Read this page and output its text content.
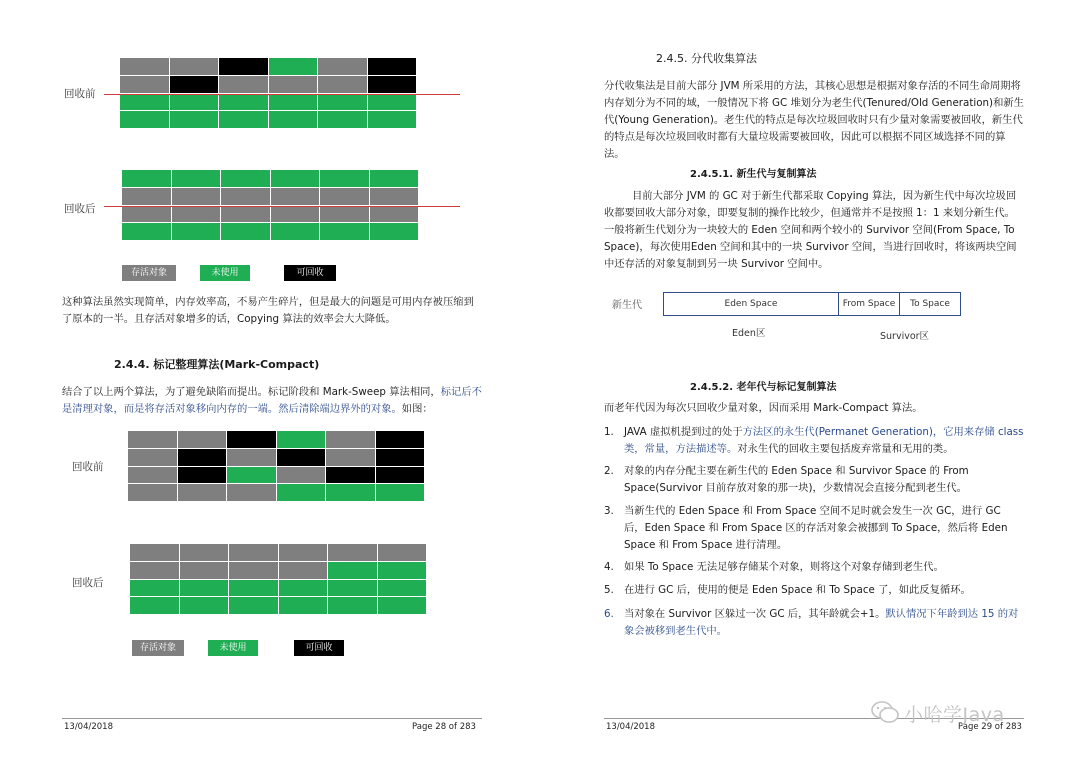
回收前
回收后
存活对象	未使用	可回收

这种算法虽然实现简单，内存效率高，不易产生碎片，但是最大的问题是可用内存被压缩到了原本的一半。且存活对象增多的话，Copying 算法的效率会大大降低。

2.4.4. 标记整理算法(Mark-Compact)

结合了以上两个算法，为了避免缺陷而提出。标记阶段和 Mark-Sweep 算法相同，标记后不是清理对象，而是将存活对象移向内存的一端。然后清除端边界外的对象。如图：

回收前
回收后
存活对象	未使用	可回收
13/04/2018	Page 28 of 283
2.4.5. 分代收集算法

分代收集法是目前大部分 JVM 所采用的方法，其核心思想是根据对象存活的不同生命周期将内存划分为不同的域，一般情况下将 GC 堆划分为老生代(Tenured/Old Generation)和新生代(Young Generation)。老生代的特点是每次垃圾回收时只有少量对象需要被回收，新生代的特点是每次垃圾回收时都有大量垃圾需要被回收，因此可以根据不同区域选择不同的算法。

2.4.5.1. 新生代与复制算法

目前大部分 JVM 的 GC 对于新生代都采取 Copying 算法，因为新生代中每次垃圾回收都要回收大部分对象，即要复制的操作比较少，但通常并不是按照 1：1 来划分新生代。一般将新生代划分为一块较大的 Eden 空间和两个较小的 Survivor 空间(From Space, To Space)，每次使用Eden 空间和其中的一块 Survivor 空间，当进行回收时，将该两块空间中还存活的对象复制到另一块 Survivor 空间中。

新生代	Eden Space	From Space	To Space
Eden区	Survivor区
2.4.5.2. 老年代与标记复制算法

而老年代因为每次只回收少量对象，因而采用 Mark-Compact 算法。

1. JAVA 虚拟机提到过的处于方法区的永生代(Permanet Generation)，它用来存储 class 类，常量，方法描述等。对永生代的回收主要包括废弃常量和无用的类。
2. 对象的内存分配主要在新生代的 Eden Space 和 Survivor Space 的 From Space(Survivor 目前存放对象的那一块)，少数情况会直接分配到老生代。
3. 当新生代的 Eden Space 和 From Space 空间不足时就会发生一次 GC，进行 GC 后，Eden Space 和 From Space 区的存活对象会被挪到 To Space，然后将 Eden Space 和 From Space 进行清理。
4. 如果 To Space 无法足够存储某个对象，则将这个对象存储到老生代。
5. 在进行 GC 后，使用的便是 Eden Space 和 To Space 了，如此反复循环。
6. 当对象在 Survivor 区躲过一次 GC 后，其年龄就会+1。默认情况下年龄到达 15 的对象会被移到老生代中。
13/04/2018	Page 29 of 283
小哈学Java
